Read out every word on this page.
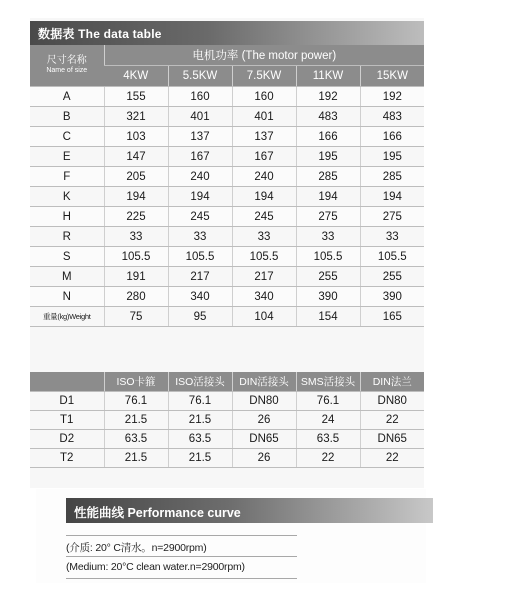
数据表 The data table
尺寸名称
Name of size	电机功率 (The motor power)				
	4KW	5.5KW	7.5KW	11KW	15KW
A	155	160	160	192	192
B	321	401	401	483	483
C	103	137	137	166	166
E	147	167	167	195	195
F	205	240	240	285	285
K	194	194	194	194	194
H	225	245	245	275	275
R	33	33	33	33	33
S	105.5	105.5	105.5	105.5	105.5
M	191	217	217	255	255
N	280	340	340	390	390
重量(kg)Weight	75	95	104	154	165
	ISO卡箍	ISO活接头	DIN活接头	SMS活接头	DIN法兰
D1	76.1	76.1	DN80	76.1	DN80
T1	21.5	21.5	26	24	22
D2	63.5	63.5	DN65	63.5	DN65
T2	21.5	21.5	26	22	22
性能曲线 Performance curve
(介质: 20° C清水。n=2900rpm)
(Medium: 20°C clean water.n=2900rpm)
